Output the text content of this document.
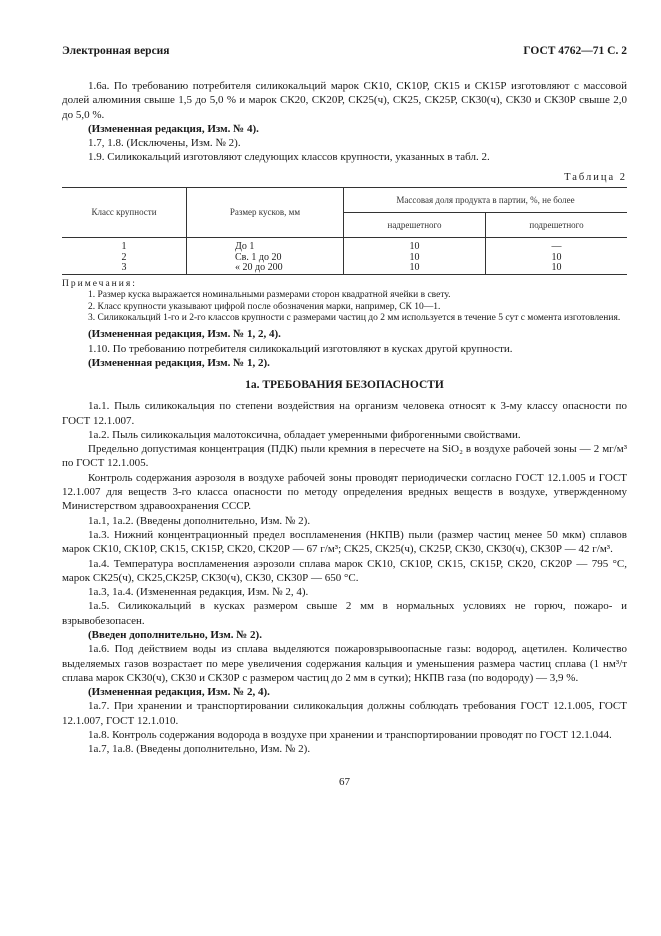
Электронная версия	ГОСТ 4762—71 С. 2

1.6а. По требованию потребителя силикокальций марок СК10, СК10Р, СК15 и СК15Р изготовляют с массовой долей алюминия свыше 1,5 до 5,0 % и марок СК20, СК20Р, СК25(ч), СК25, СК25Р, СК30(ч), СК30 и СК30Р свыше 2,0 до 5,0 %.

(Измененная редакция, Изм. № 4).

1.7, 1.8. (Исключены, Изм. № 2).

1.9. Силикокальций изготовляют следующих классов крупности, указанных в табл. 2.

Таблица 2
Класс крупности	Размер кусков, мм	Массовая доля продукта в партии, %, не более	
		надрешетного	подрешетного
1	До 1	10	—
2	Св. 1 до 20	10	10
3	« 20 до 200	10	10
Примечания:
1. Размер куска выражается номинальными размерами сторон квадратной ячейки в свету.
2. Класс крупности указывают цифрой после обозначения марки, например, СК 10—1.
3. Силикокальций 1-го и 2-го классов крупности с размерами частиц до 2 мм используется в течение 5 сут с момента изготовления.

(Измененная редакция, Изм. № 1, 2, 4).

1.10. По требованию потребителя силикокальций изготовляют в кусках другой крупности.

(Измененная редакция, Изм. № 1, 2).

1а. ТРЕБОВАНИЯ БЕЗОПАСНОСТИ

1а.1. Пыль силикокальция по степени воздействия на организм человека относят к 3-му классу опасности по ГОСТ 12.1.007.

1а.2. Пыль силикокальция малотоксична, обладает умеренными фиброгенными свойствами.

Предельно допустимая концентрация (ПДК) пыли кремния в пересчете на SiO₂ в воздухе рабочей зоны — 2 мг/м³ по ГОСТ 12.1.005.

Контроль содержания аэрозоля в воздухе рабочей зоны проводят периодически согласно ГОСТ 12.1.005 и ГОСТ 12.1.007 для веществ 3-го класса опасности по методу определения вредных веществ в воздухе, утвержденному Министерством здравоохранения СССР.

1а.1, 1а.2. (Введены дополнительно, Изм. № 2).

1а.3. Нижний концентрационный предел воспламенения (НКПВ) пыли (размер частиц менее 50 мкм) сплавов марок СК10, СК10Р, СК15, СК15Р, СК20, СК20Р — 67 г/м³; СК25, СК25(ч), СК25Р, СК30, СК30(ч), СК30Р — 42 г/м³.

1а.4. Температура воспламенения аэрозоли сплава марок СК10, СК10Р, СК15, СК15Р, СК20, СК20Р — 795 °С, марок СК25(ч), СК25,СК25Р, СК30(ч), СК30, СК30Р — 650 °С.

1а.3, 1а.4. (Измененная редакция, Изм. № 2, 4).

1а.5. Силикокальций в кусках размером свыше 2 мм в нормальных условиях не горюч, пожаро- и взрывобезопасен.

(Введен дополнительно, Изм. № 2).

1а.6. Под действием воды из сплава выделяются пожаровзрывоопасные газы: водород, ацетилен. Количество выделяемых газов возрастает по мере увеличения содержания кальция и уменьшения размера частиц сплава (1 нм³/т сплава марок СК30(ч), СК30 и СК30Р с размером частиц до 2 мм в сутки); НКПВ газа (по водороду) — 3,9 %.

(Измененная редакция, Изм. № 2, 4).

1а.7. При хранении и транспортировании силикокальция должны соблюдать требования ГОСТ 12.1.005, ГОСТ 12.1.007, ГОСТ 12.1.010.

1а.8. Контроль содержания водорода в воздухе при хранении и транспортировании проводят по ГОСТ 12.1.044.

1а.7, 1а.8. (Введены дополнительно, Изм. № 2).

67
